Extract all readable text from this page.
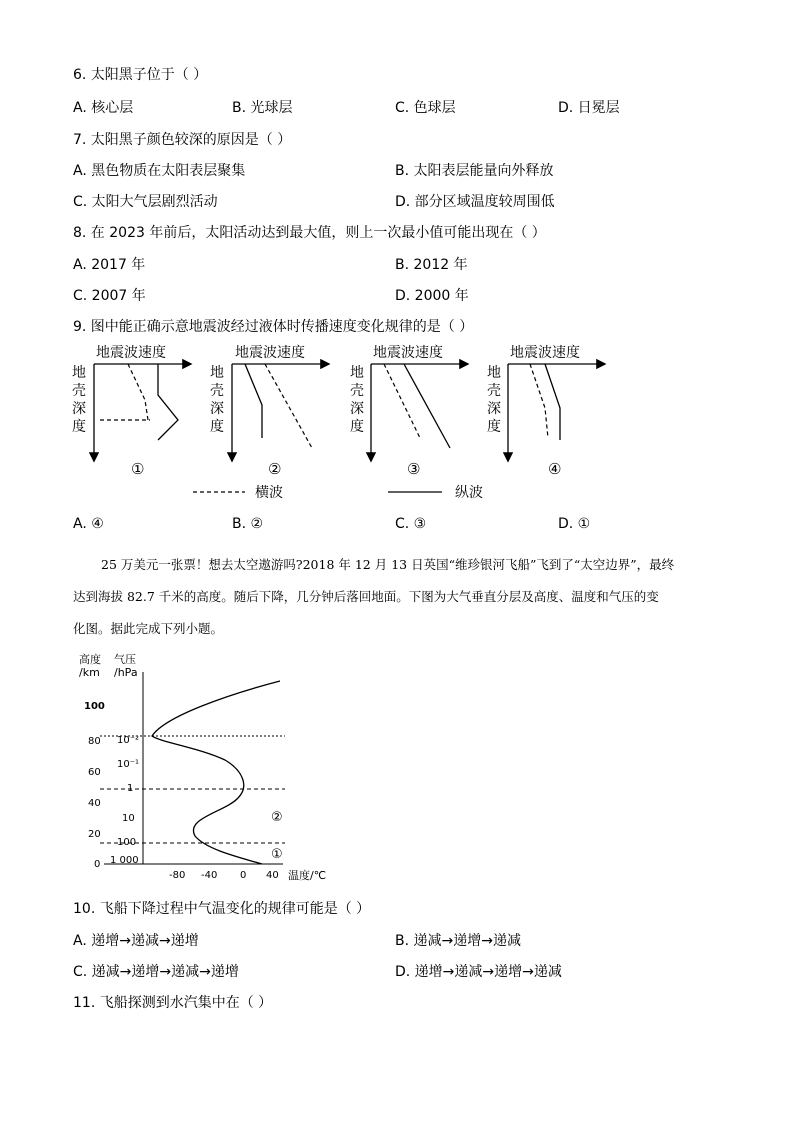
6. 太阳黑子位于（ ）
A. 核心层	B. 光球层	C. 色球层	D. 日冕层
7. 太阳黑子颜色较深的原因是（ ）
A. 黑色物质在太阳表层聚集	B. 太阳表层能量向外释放
C. 太阳大气层剧烈活动	D. 部分区域温度较周围低
8. 在 2023 年前后，太阳活动达到最大值，则上一次最小值可能出现在（ ）
A. 2017 年	B. 2012 年
C. 2007 年	D. 2000 年
9. 图中能正确示意地震波经过液体时传播速度变化规律的是（ ）
地震波速度
地
壳
深
度
①
地震波速度
地
壳
深
度
②
地震波速度
地
壳
深
度
③
地震波速度
地
壳
深
度
④
横波	纵波
A. ④	B. ②	C. ③	D. ①
25 万美元一张票！想去太空遨游吗?2018 年 12 月 13 日英国“维珍银河飞船”飞到了“太空边界”，最终
达到海拔 82.7 千米的高度。随后下降，几分钟后落回地面。下图为大气垂直分层及高度、温度和气压的变
化图。据此完成下列小题。
高度
/km
气压
/hPa
100
80
60
40
20
0
10⁻²
10⁻¹
1
10
100
1 000
-80 -40 0 40 温度/℃
②
①
10. 飞船下降过程中气温变化的规律可能是（ ）
A. 递增→递减→递增	B. 递减→递增→递减
C. 递减→递增→递减→递增	D. 递增→递减→递增→递减
11. 飞船探测到水汽集中在（ ）
